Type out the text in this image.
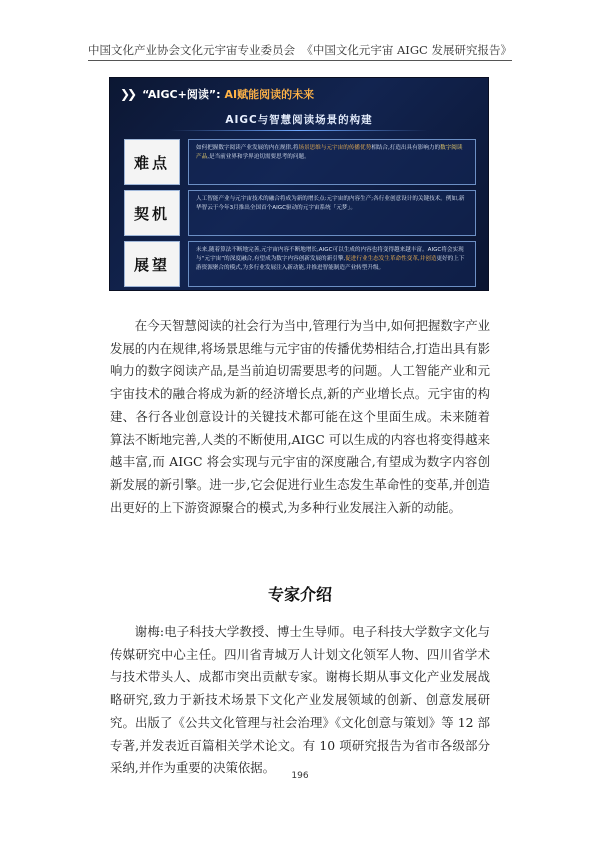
中国文化产业协会文化元宇宙专业委员会 《中国文化元宇宙 AIGC 发展研究报告》
❯❯ “AIGC+阅读”: AI赋能阅读的未来
AIGC与智慧阅读场景的构建
难点
如何把握数字阅读产业发展的内在规律,将场景思维与元宇宙的传播优势相结合,打造出具有影响力的数字阅读产品,是当前业界和学界迫切需要思考的问题。
契机
人工智能产业与元宇宙技术的融合将成为新的增长点:元宇宙的内容生产;各行业创意设计的关键技术。例如,新华智云于今年3月推出全国首个AIGC驱动的元宇宙系统「元梦」。
展望
未来,随着算法不断地完善,元宇宙内容不断地增长,AIGC可以生成的内容也将变得越来越丰富。AIGC将会实现与“元宇宙”的深度融合,有望成为数字内容创新发展的新引擎,促进行业生态发生革命性变革,并创造更好的上下游资源聚合的模式,为多行业发展注入新动能,并推进智能制造产业转型升级。

在今天智慧阅读的社会行为当中,管理行为当中,如何把握数字产业发展的内在规律,将场景思维与元宇宙的传播优势相结合,打造出具有影响力的数字阅读产品,是当前迫切需要思考的问题。人工智能产业和元宇宙技术的融合将成为新的经济增长点,新的产业增长点。元宇宙的构建、各行各业创意设计的关键技术都可能在这个里面生成。未来随着算法不断地完善,人类的不断使用,AIGC 可以生成的内容也将变得越来越丰富,而 AIGC 将会实现与元宇宙的深度融合,有望成为数字内容创新发展的新引擎。进一步,它会促进行业生态发生革命性的变革,并创造出更好的上下游资源聚合的模式,为多种行业发展注入新的动能。

专家介绍

谢梅:电子科技大学教授、博士生导师。电子科技大学数字文化与传媒研究中心主任。四川省青城万人计划文化领军人物、四川省学术与技术带头人、成都市突出贡献专家。谢梅长期从事文化产业发展战略研究,致力于新技术场景下文化产业发展领域的创新、创意发展研究。出版了《公共文化管理与社会治理》《文化创意与策划》等 12 部专著,并发表近百篇相关学术论文。有 10 项研究报告为省市各级部分采纳,并作为重要的决策依据。

196
